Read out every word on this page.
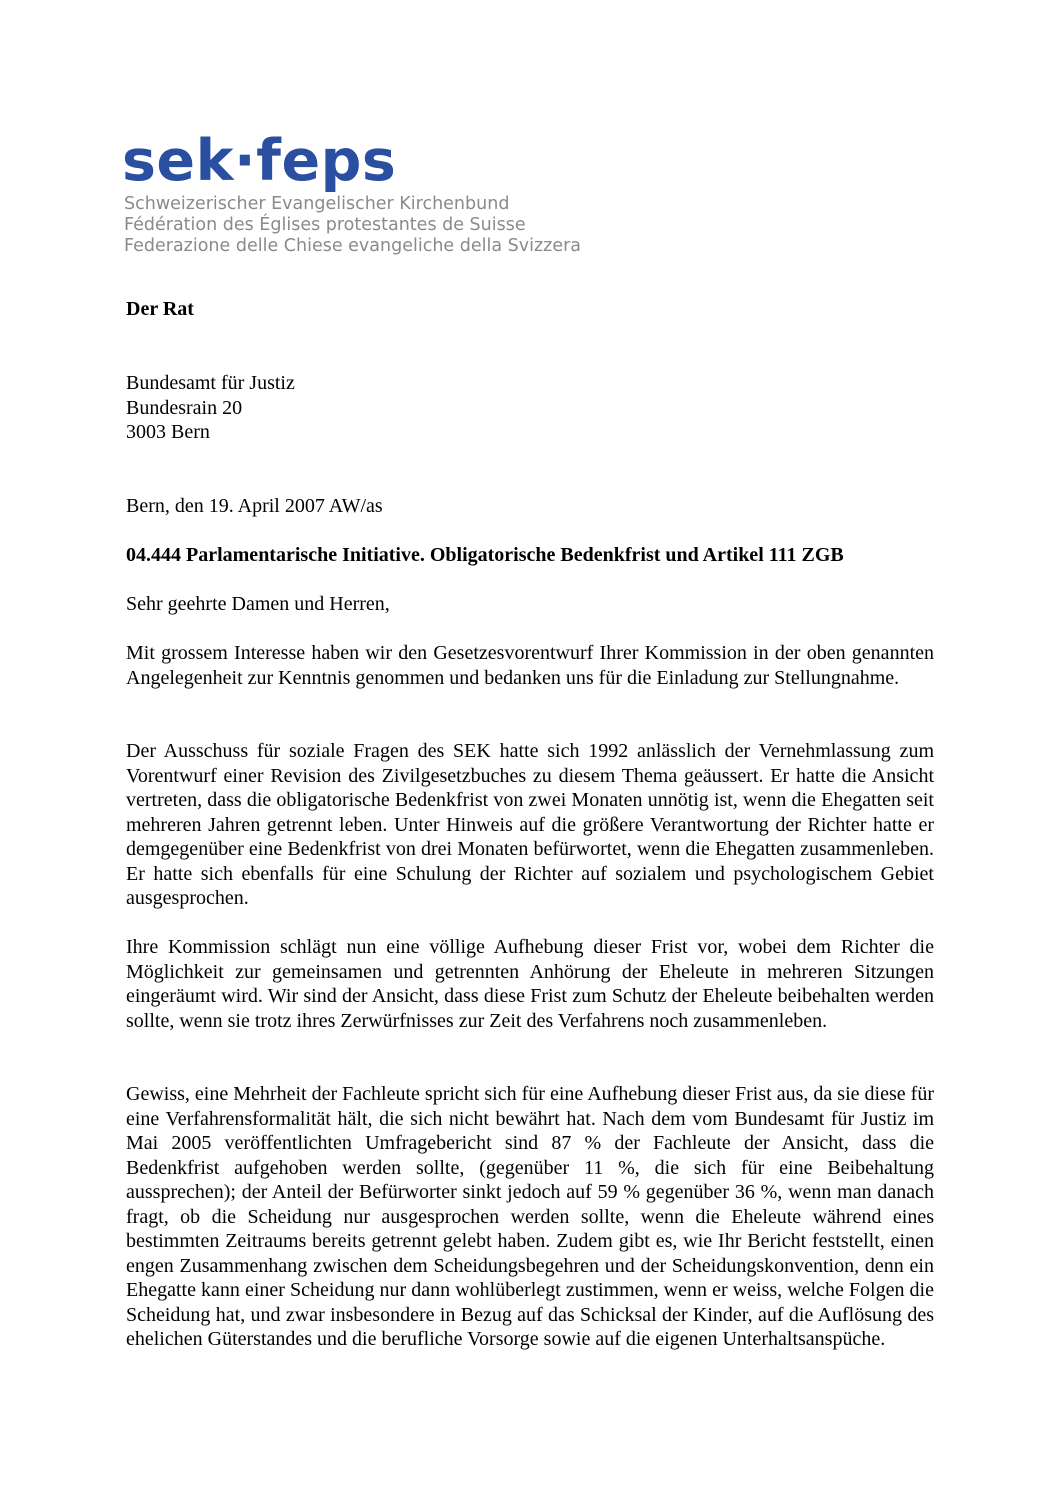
sek·feps
Schweizerischer Evangelischer Kirchenbund
Fédération des Églises protestantes de Suisse
Federazione delle Chiese evangeliche della Svizzera
Der Rat
Bundesamt für Justiz
Bundesrain 20
3003 Bern
Bern, den 19. April 2007 AW/as
04.444 Parlamentarische Initiative. Obligatorische Bedenkfrist und Artikel 111 ZGB
Sehr geehrte Damen und Herren,
Mit grossem Interesse haben wir den Gesetzesvorentwurf Ihrer Kommission in der oben genannten Angelegenheit zur Kenntnis genommen und bedanken uns für die Einladung zur Stellungnahme.
Der Ausschuss für soziale Fragen des SEK hatte sich 1992 anlässlich der Vernehmlassung zum Vorentwurf einer Revision des Zivilgesetzbuches zu diesem Thema geäussert. Er hatte die Ansicht vertreten, dass die obligatorische Bedenkfrist von zwei Monaten unnötig ist, wenn die Ehegatten seit mehreren Jahren getrennt leben. Unter Hinweis auf die größere Verantwortung der Richter hatte er demgegenüber eine Bedenkfrist von drei Monaten befürwortet, wenn die Ehegatten zusammenleben. Er hatte sich ebenfalls für eine Schulung der Richter auf sozialem und psychologischem Gebiet ausgesprochen.
Ihre Kommission schlägt nun eine völlige Aufhebung dieser Frist vor, wobei dem Richter die Möglichkeit zur gemeinsamen und getrennten Anhörung der Eheleute in mehreren Sitzungen eingeräumt wird. Wir sind der Ansicht, dass diese Frist zum Schutz der Eheleute beibehalten werden sollte, wenn sie trotz ihres Zerwürfnisses zur Zeit des Verfahrens noch zusammenleben.
Gewiss, eine Mehrheit der Fachleute spricht sich für eine Aufhebung dieser Frist aus, da sie diese für eine Verfahrensformalität hält, die sich nicht bewährt hat. Nach dem vom Bundesamt für Justiz im Mai 2005 veröffentlichten Umfragebericht sind 87 % der Fachleute der Ansicht, dass die Bedenkfrist aufgehoben werden sollte, (gegenüber 11 %, die sich für eine Beibehaltung aussprechen); der Anteil der Befürworter sinkt jedoch auf 59 % gegenüber 36 %, wenn man danach fragt, ob die Scheidung nur ausgesprochen werden sollte, wenn die Eheleute während eines bestimmten Zeitraums bereits getrennt gelebt haben. Zudem gibt es, wie Ihr Bericht feststellt, einen engen Zusammenhang zwischen dem Scheidungsbegehren und der Scheidungskonvention, denn ein Ehegatte kann einer Scheidung nur dann wohlüberlegt zustimmen, wenn er weiss, welche Folgen die Scheidung hat, und zwar insbesondere in Bezug auf das Schicksal der Kinder, auf die Auflösung des ehelichen Güterstandes und die berufliche Vorsorge sowie auf die eigenen Unterhaltsanspüche.
